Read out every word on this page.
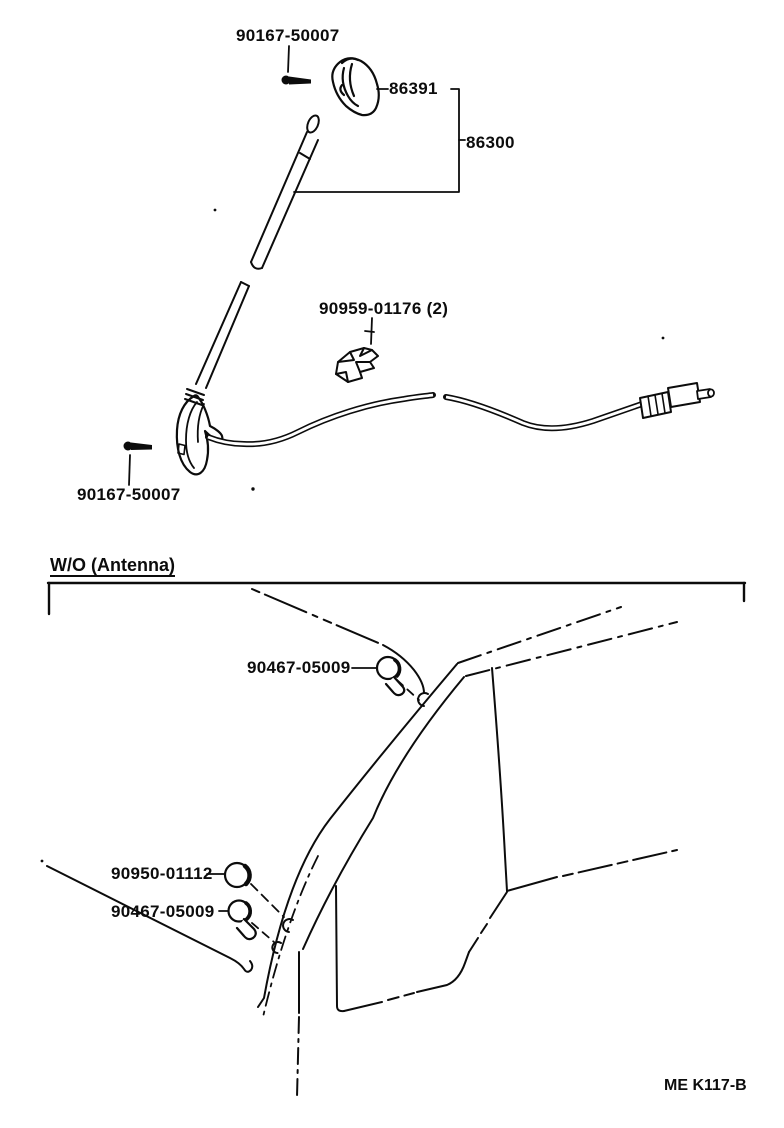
90167-50007
86391
86300
90959-01176 (2)
90167-50007
W/O (Antenna)
90467-05009
90950-01112
90467-05009
ME K117-B
